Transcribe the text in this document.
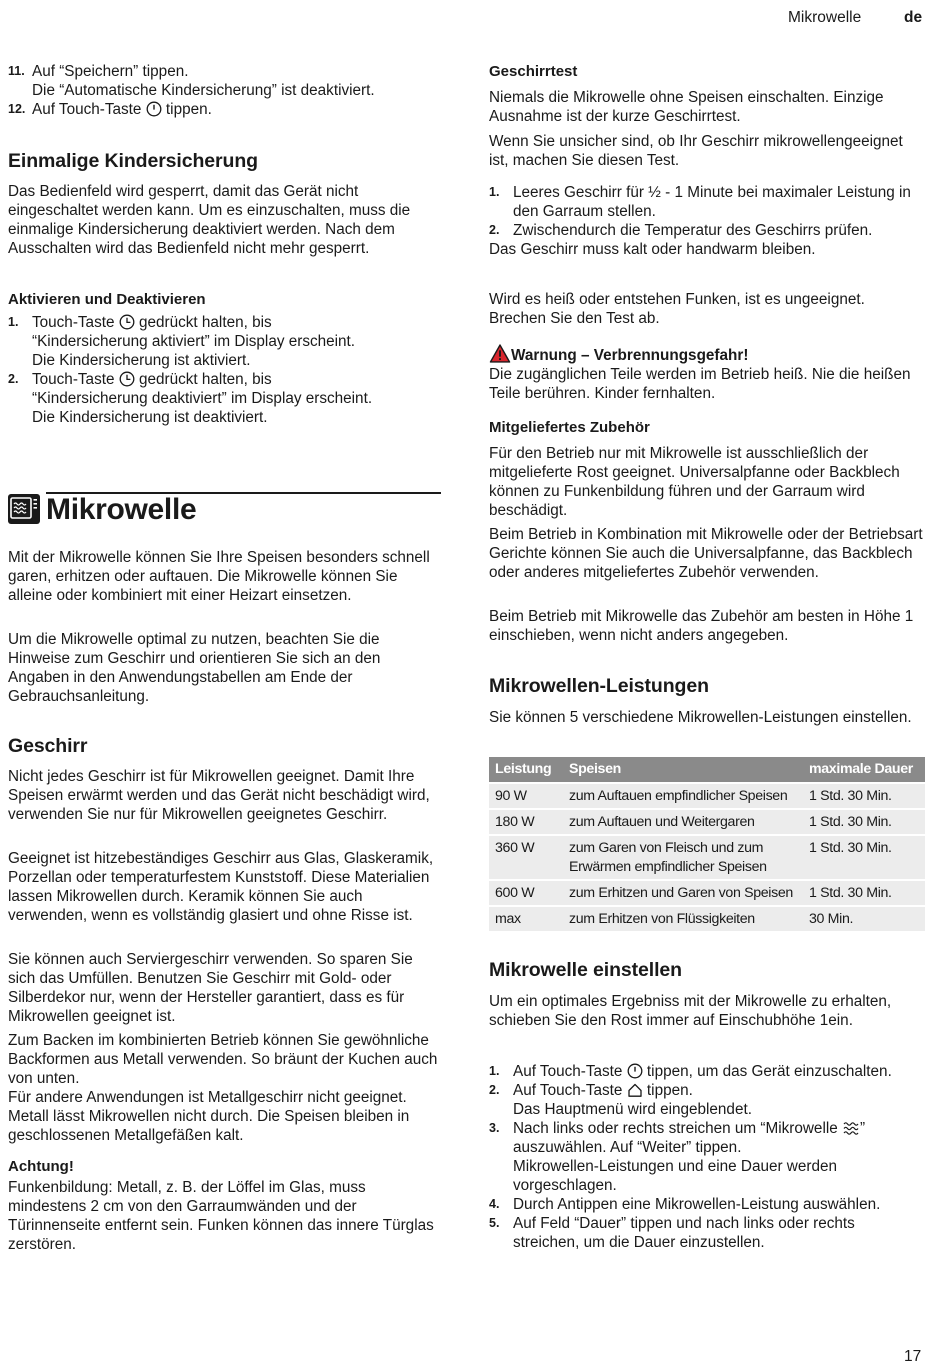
Mikrowelle	de
11. Auf “Speichern” tippen.

Die “Automatische Kindersicherung” ist deaktiviert.

12. Auf Touch-Taste tippen.

Einmalige Kindersicherung

Das Bedienfeld wird gesperrt, damit das Gerät nicht eingeschaltet werden kann. Um es einzuschalten, muss die einmalige Kindersicherung deaktiviert werden. Nach dem Ausschalten wird das Bedienfeld nicht mehr gesperrt.

Aktivieren und Deaktivieren
1. Touch-Taste gedrückt halten, bis

“Kindersicherung aktiviert” im Display erscheint.

Die Kindersicherung ist aktiviert.

2. Touch-Taste gedrückt halten, bis

“Kindersicherung deaktiviert” im Display erscheint.

Die Kindersicherung ist deaktiviert.

Mikrowelle

Mit der Mikrowelle können Sie Ihre Speisen besonders schnell garen, erhitzen oder auftauen. Die Mikrowelle können Sie alleine oder kombiniert mit einer Heizart einsetzen.

Um die Mikrowelle optimal zu nutzen, beachten Sie die Hinweise zum Geschirr und orientieren Sie sich an den Angaben in den Anwendungstabellen am Ende der Gebrauchsanleitung.

Geschirr

Nicht jedes Geschirr ist für Mikrowellen geeignet. Damit Ihre Speisen erwärmt werden und das Gerät nicht beschädigt wird, verwenden Sie nur für Mikrowellen geeignetes Geschirr.

Geeignet ist hitzebeständiges Geschirr aus Glas, Glaskeramik, Porzellan oder temperaturfestem Kunststoff. Diese Materialien lassen Mikrowellen durch. Keramik können Sie auch verwenden, wenn es vollständig glasiert und ohne Risse ist.

Sie können auch Serviergeschirr verwenden. So sparen Sie sich das Umfüllen. Benutzen Sie Geschirr mit Gold- oder Silberdekor nur, wenn der Hersteller garantiert, dass es für Mikrowellen geeignet ist.

Zum Backen im kombinierten Betrieb können Sie gewöhnliche Backformen aus Metall verwenden. So bräunt der Kuchen auch von unten.

Für andere Anwendungen ist Metallgeschirr nicht geeignet. Metall lässt Mikrowellen nicht durch. Die Speisen bleiben in geschlossenen Metallgefäßen kalt.

Achtung!

Funkenbildung: Metall, z. B. der Löffel im Glas, muss mindestens 2 cm von den Garraumwänden und der Türinnenseite entfernt sein. Funken können das innere Türglas zerstören.

Geschirrtest

Niemals die Mikrowelle ohne Speisen einschalten. Einzige Ausnahme ist der kurze Geschirrtest.

Wenn Sie unsicher sind, ob Ihr Geschirr mikrowellengeeignet ist, machen Sie diesen Test.

1. Leeres Geschirr für ½ - 1 Minute bei maximaler Leistung in den Garraum stellen.

2. Zwischendurch die Temperatur des Geschirrs prüfen.

Das Geschirr muss kalt oder handwarm bleiben.

Wird es heiß oder entstehen Funken, ist es ungeeignet. Brechen Sie den Test ab.

Warnung – Verbrennungsgefahr!

Die zugänglichen Teile werden im Betrieb heiß. Nie die heißen Teile berühren. Kinder fernhalten.

Mitgeliefertes Zubehör

Für den Betrieb nur mit Mikrowelle ist ausschließlich der mitgelieferte Rost geeignet. Universalpfanne oder Backblech können zu Funkenbildung führen und der Garraum wird beschädigt.

Beim Betrieb in Kombination mit Mikrowelle oder der Betriebsart Gerichte können Sie auch die Universalpfanne, das Backblech oder anderes mitgeliefertes Zubehör verwenden.

Beim Betrieb mit Mikrowelle das Zubehör am besten in Höhe 1 einschieben, wenn nicht anders angegeben.

Mikrowellen-Leistungen

Sie können 5 verschiedene Mikrowellen-Leistungen einstellen.

Leistung	Speisen	maximale Dauer
90 W	zum Auftauen empfindlicher Speisen	1 Std. 30 Min.
180 W	zum Auftauen und Weitergaren	1 Std. 30 Min.
360 W	zum Garen von Fleisch und zum Erwärmen empfindlicher Speisen	1 Std. 30 Min.
600 W	zum Erhitzen und Garen von Speisen	1 Std. 30 Min.
max	zum Erhitzen von Flüssigkeiten	30 Min.
Mikrowelle einstellen

Um ein optimales Ergebniss mit der Mikrowelle zu erhalten, schieben Sie den Rost immer auf Einschubhöhe 1ein.

1. Auf Touch-Taste tippen, um das Gerät einzuschalten.

2. Auf Touch-Taste tippen.

Das Hauptmenü wird eingeblendet.

3. Nach links oder rechts streichen um “Mikrowelle ” auszuwählen. Auf “Weiter” tippen.

Mikrowellen-Leistungen und eine Dauer werden vorgeschlagen.

4. Durch Antippen eine Mikrowellen-Leistung auswählen.

5. Auf Feld “Dauer” tippen und nach links oder rechts streichen, um die Dauer einzustellen.

17
